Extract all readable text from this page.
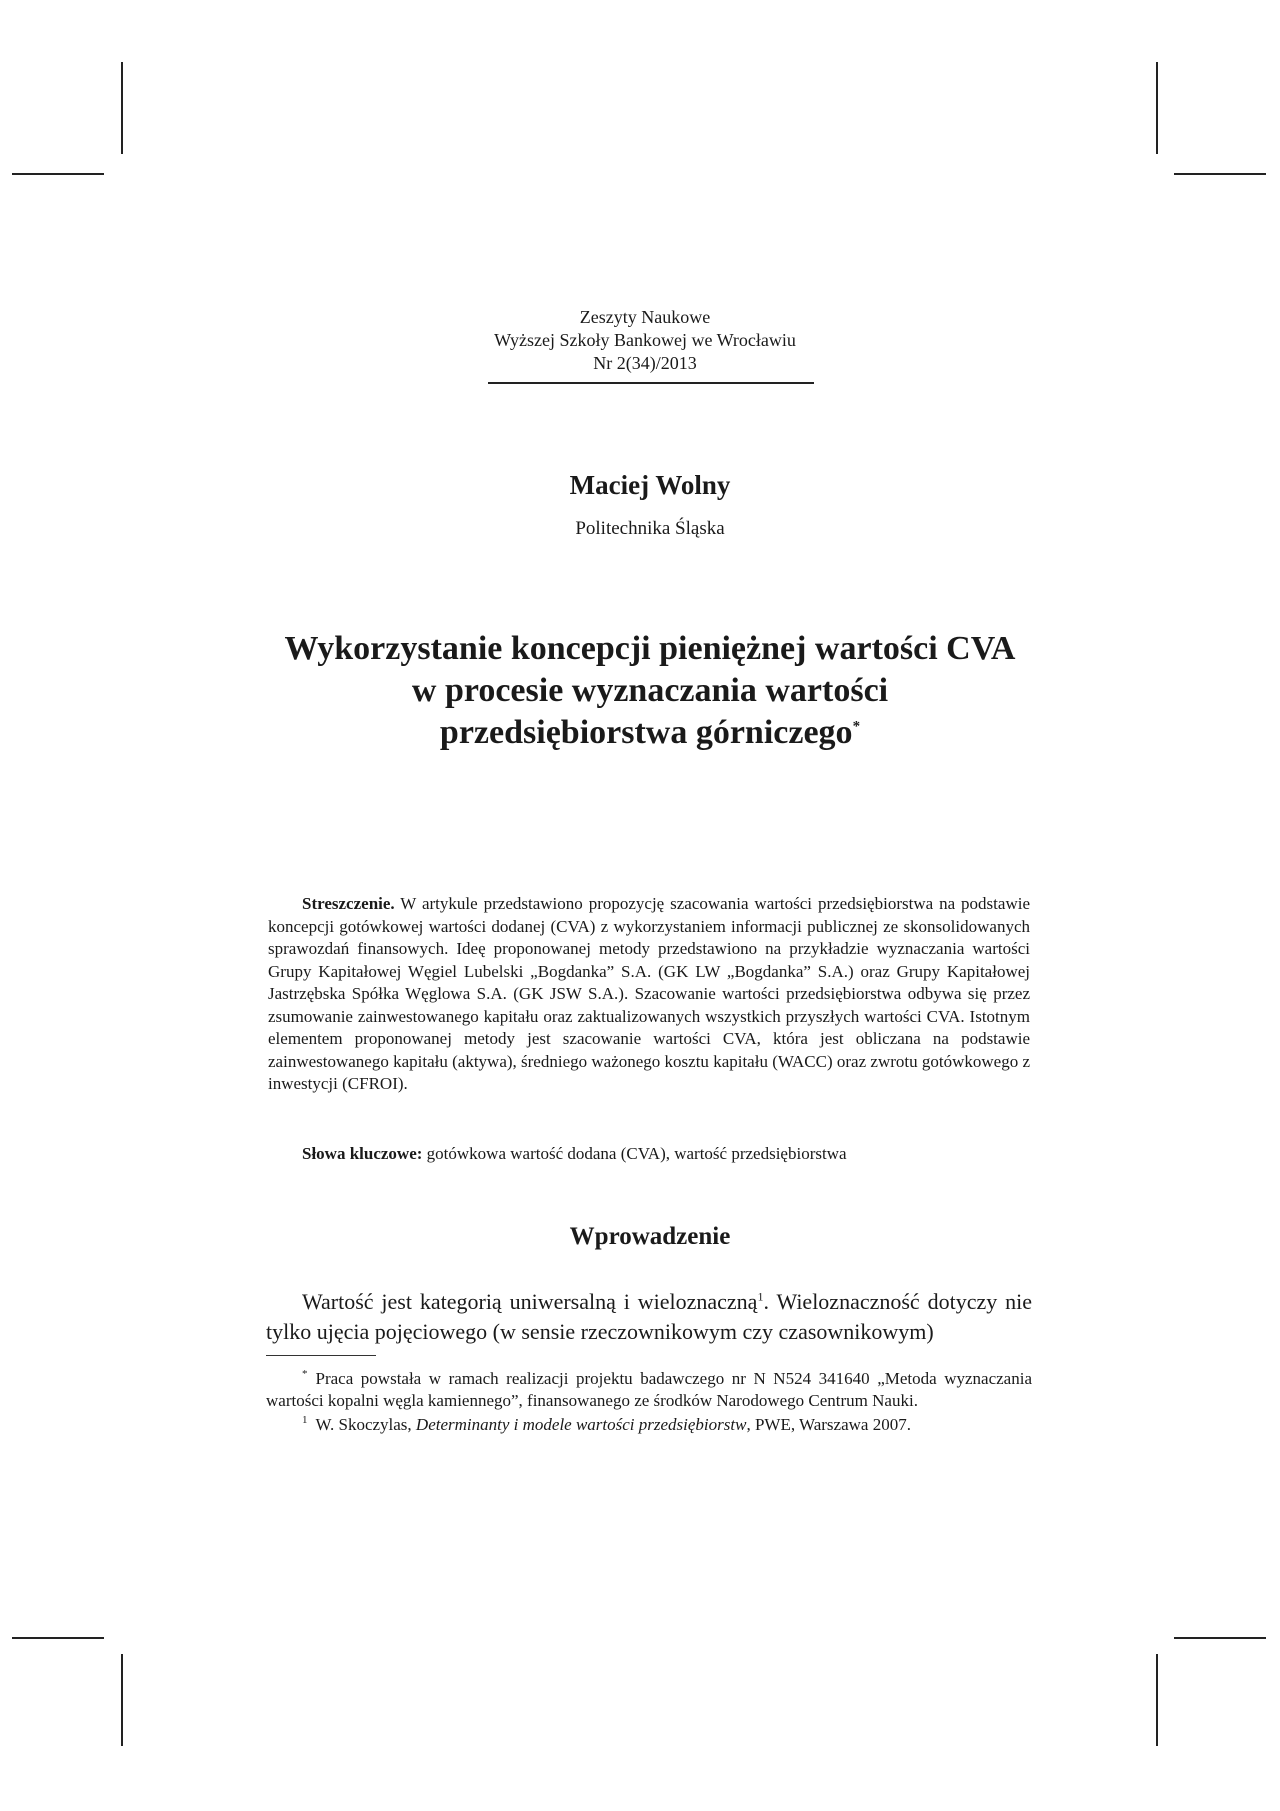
Zeszyty Naukowe
Wyższej Szkoły Bankowej we Wrocławiu
Nr 2(34)/2013
Maciej Wolny
Politechnika Śląska
Wykorzystanie koncepcji pieniężnej wartości CVA
w procesie wyznaczania wartości
przedsiębiorstwa górniczego*

Streszczenie. W artykule przedstawiono propozycję szacowania wartości przedsiębiorstwa na podstawie koncepcji gotówkowej wartości dodanej (CVA) z wykorzystaniem informacji publicznej ze skonsolidowanych sprawozdań finansowych. Ideę proponowanej metody przedstawiono na przykładzie wyznaczania wartości Grupy Kapitałowej Węgiel Lubelski „Bogdanka” S.A. (GK LW „Bogdanka” S.A.) oraz Grupy Kapitałowej Jastrzębska Spółka Węglowa S.A. (GK JSW S.A.). Szacowanie wartości przedsiębiorstwa odbywa się przez zsumowanie zainwestowanego kapitału oraz zaktualizowanych wszystkich przyszłych wartości CVA. Istotnym elementem proponowanej metody jest szacowanie wartości CVA, która jest obliczana na podstawie zainwestowanego kapitału (aktywa), średniego ważonego kosztu kapitału (WACC) oraz zwrotu gotówkowego z inwestycji (CFROI).

Słowa kluczowe: gotówkowa wartość dodana (CVA), wartość przedsiębiorstwa

Wprowadzenie

Wartość jest kategorią uniwersalną i wieloznaczną$^1$. Wieloznaczność dotyczy nie tylko ujęcia pojęciowego (w sensie rzeczownikowym czy czasownikowym)

* Praca powstała w ramach realizacji projektu badawczego nr N N524 341640 „Metoda wyznaczania wartości kopalni węgla kamiennego”, finansowanego ze środków Narodowego Centrum Nauki.

$^1$ W. Skoczylas, Determinanty i modele wartości przedsiębiorstw, PWE, Warszawa 2007.
